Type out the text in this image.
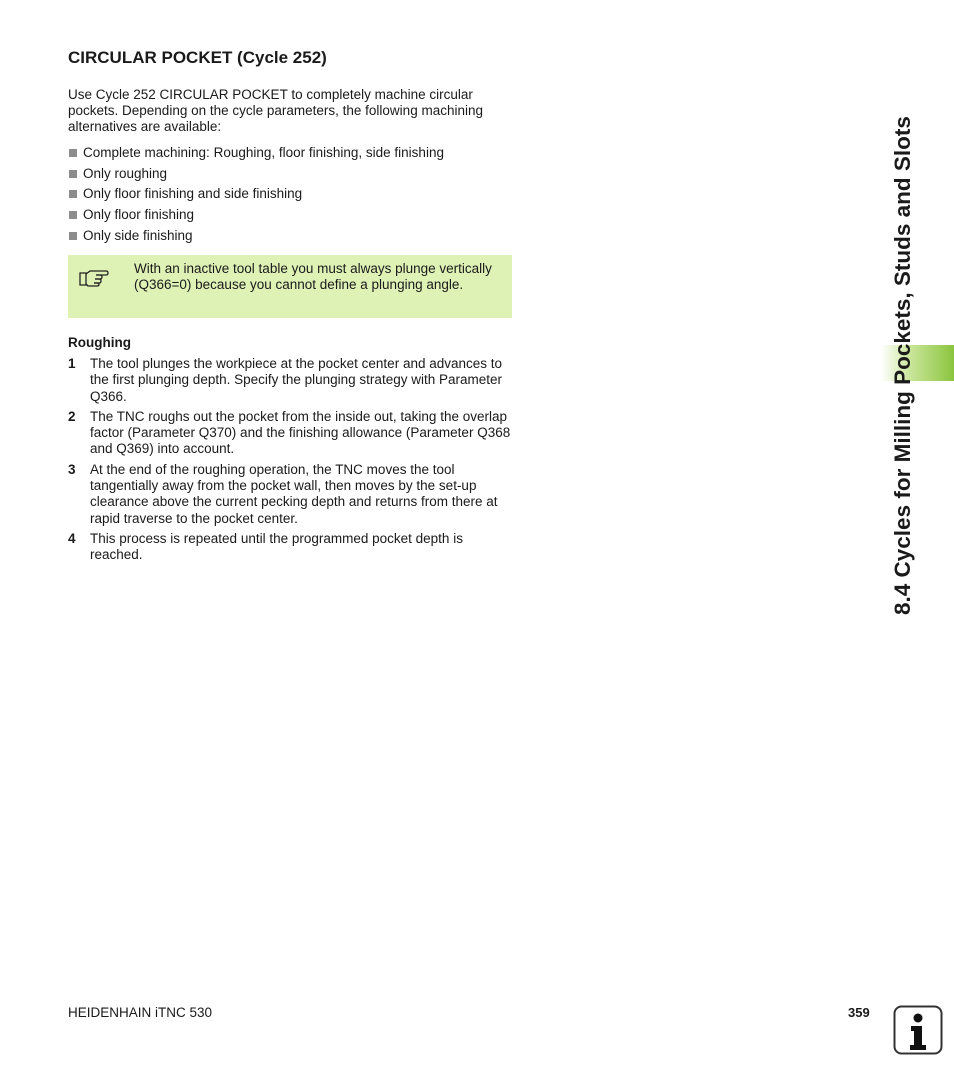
CIRCULAR POCKET (Cycle 252)

Use Cycle 252 CIRCULAR POCKET to completely machine circular pockets. Depending on the cycle parameters, the following machining alternatives are available:

Complete machining: Roughing, floor finishing, side finishing
Only roughing
Only floor finishing and side finishing
Only floor finishing
Only side finishing

With an inactive tool table you must always plunge vertically (Q366=0) because you cannot define a plunging angle.

Roughing
1	The tool plunges the workpiece at the pocket center and advances to the first plunging depth. Specify the plunging strategy with Parameter Q366.
2	The TNC roughs out the pocket from the inside out, taking the overlap factor (Parameter Q370) and the finishing allowance (Parameter Q368 and Q369) into account.
3	At the end of the roughing operation, the TNC moves the tool tangentially away from the pocket wall, then moves by the set-up clearance above the current pecking depth and returns from there at rapid traverse to the pocket center.
4	This process is repeated until the programmed pocket depth is reached.	8.4 Cycles for Milling Pockets, Studs and Slots

HEIDENHAIN iTNC 530	359
